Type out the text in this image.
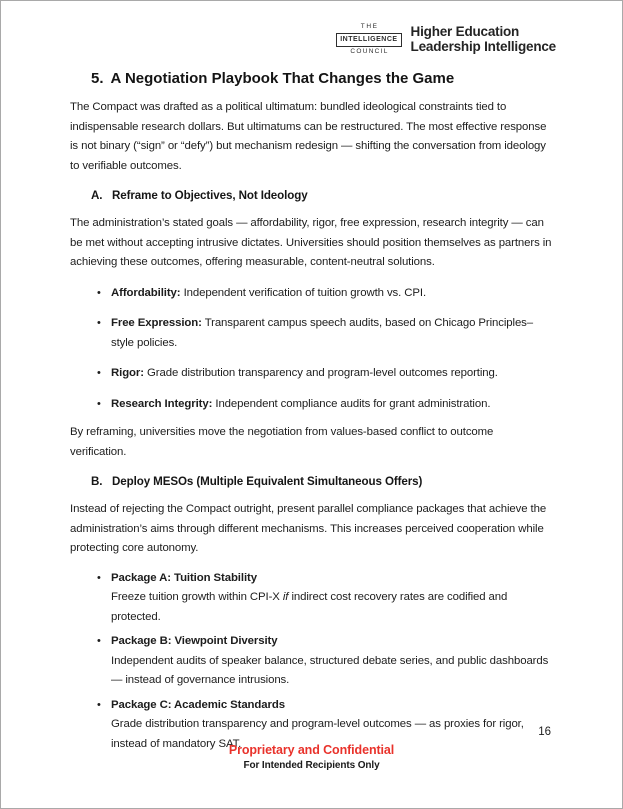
THE
INTELLIGENCE
COUNCIL
Higher Education
Leadership Intelligence
5. A Negotiation Playbook That Changes the Game

The Compact was drafted as a political ultimatum: bundled ideological constraints tied to indispensable research dollars. But ultimatums can be restructured. The most effective response is not binary (“sign” or “defy”) but mechanism redesign — shifting the conversation from ideology to verifiable outcomes.

A. Reframe to Objectives, Not Ideology

The administration’s stated goals — affordability, rigor, free expression, research integrity — can be met without accepting intrusive dictates. Universities should position themselves as partners in achieving these outcomes, offering measurable, content-neutral solutions.

• Affordability: Independent verification of tuition growth vs. CPI.
• Free Expression: Transparent campus speech audits, based on Chicago Principles–style policies.
• Rigor: Grade distribution transparency and program-level outcomes reporting.
• Research Integrity: Independent compliance audits for grant administration.

By reframing, universities move the negotiation from values-based conflict to outcome verification.

B. Deploy MESOs (Multiple Equivalent Simultaneous Offers)

Instead of rejecting the Compact outright, present parallel compliance packages that achieve the administration’s aims through different mechanisms. This increases perceived cooperation while protecting core autonomy.

• Package A: Tuition Stability
Freeze tuition growth within CPI-X if indirect cost recovery rates are codified and protected.
• Package B: Viewpoint Diversity
Independent audits of speaker balance, structured debate series, and public dashboards — instead of governance intrusions.
• Package C: Academic Standards
Grade distribution transparency and program-level outcomes — as proxies for rigor, instead of mandatory SAT.
16
Proprietary and Confidential
For Intended Recipients Only
